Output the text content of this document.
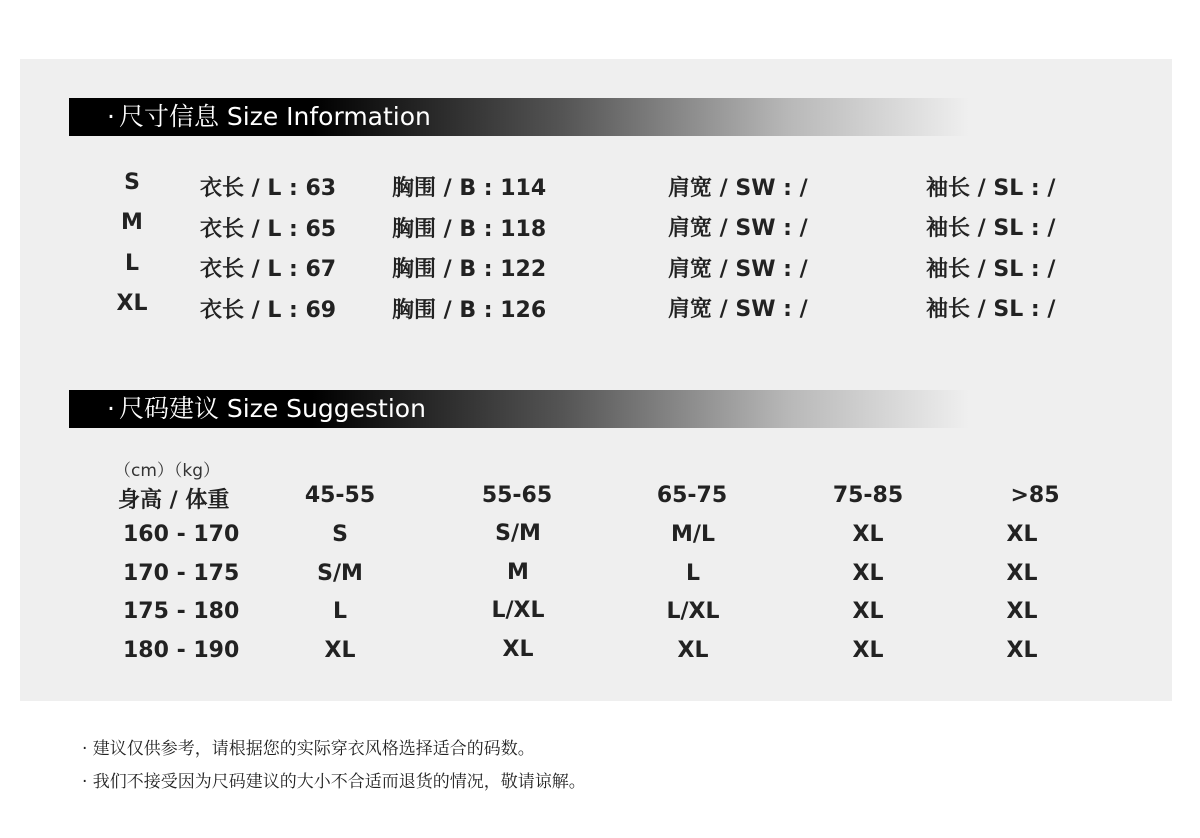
· 尺寸信息 Size Information
S	衣长 / L : 63	胸围 / B : 114	肩宽 / SW : /	袖长 / SL : /
M	衣长 / L : 65	胸围 / B : 118	肩宽 / SW : /	袖长 / SL : /
L	衣长 / L : 67	胸围 / B : 122	肩宽 / SW : /	袖长 / SL : /
XL 衣长 / L : 69	胸围 / B : 126	肩宽 / SW : /	袖长 / SL : /
· 尺码建议 Size Suggestion
（cm）（kg）
身高 / 体重	45-55	55-65	65-75	75-85	>85
160 - 170	S	S/M	M/L	XL	XL
170 - 175	S/M	M	L	XL	XL
175 - 180	L	L/XL	L/XL	XL	XL
180 - 190	XL	XL	XL	XL	XL
· 建议仅供参考，请根据您的实际穿衣风格选择适合的码数。
· 我们不接受因为尺码建议的大小不合适而退货的情况，敬请谅解。
